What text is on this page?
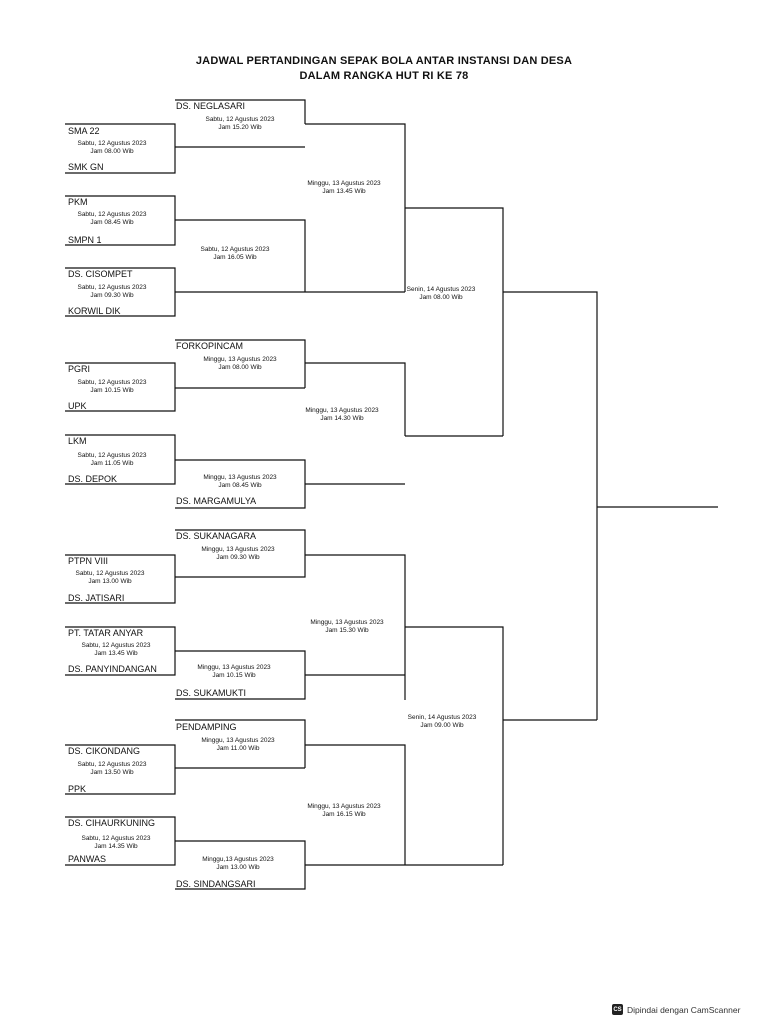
JADWAL PERTANDINGAN SEPAK BOLA ANTAR INSTANSI DAN DESA
DALAM RANGKA HUT RI KE 78
DS. NEGLASARI
SMA 22
SMK GN
PKM
SMPN 1
DS. CISOMPET
KORWIL DIK
FORKOPINCAM
PGRI
UPK
LKM
DS. DEPOK
DS. MARGAMULYA
DS. SUKANAGARA
PTPN VIII
DS. JATISARI
PT. TATAR ANYAR
DS. PANYINDANGAN
DS. SUKAMUKTI
PENDAMPING
DS. CIKONDANG
PPK
DS. CIHAURKUNING
PANWAS
DS. SINDANGSARI
Sabtu, 12 Agustus 2023
Jam 15.20 Wib
Sabtu, 12 Agustus 2023
Jam 08.00 Wib
Sabtu, 12 Agustus 2023
Jam 08.45 Wib
Sabtu, 12 Agustus 2023
Jam 16.05 Wib
Sabtu, 12 Agustus 2023
Jam 09.30 Wib
Minggu, 13 Agustus 2023
Jam 13.45 Wib
Senin, 14 Agustus 2023
Jam 08.00 Wib
Minggu, 13 Agustus 2023
Jam 08.00 Wib
Sabtu, 12 Agustus 2023
Jam 10.15 Wib
Minggu, 13 Agustus 2023
Jam 14.30 Wib
Sabtu, 12 Agustus 2023
Jam 11.05 Wib
Minggu, 13 Agustus 2023
Jam 08.45 Wib
Minggu, 13 Agustus 2023
Jam 09.30 Wib
Sabtu, 12 Agustus 2023
Jam 13.00 Wib
Minggu, 13 Agustus 2023
Jam 15.30 Wib
Sabtu, 12 Agustus 2023
Jam 13.45 Wib
Minggu, 13 Agustus 2023
Jam 10.15 Wib
Senin, 14 Agustus 2023
Jam 09.00 Wib
Minggu, 13 Agustus 2023
Jam 11.00 Wib
Sabtu, 12 Agustus 2023
Jam 13.50 Wib
Minggu, 13 Agustus 2023
Jam 16.15 Wib
Sabtu, 12 Agustus 2023
Jam 14.35 Wib
Minggu,13 Agustus 2023
Jam 13.00 Wib
CS Dipindai dengan CamScanner
